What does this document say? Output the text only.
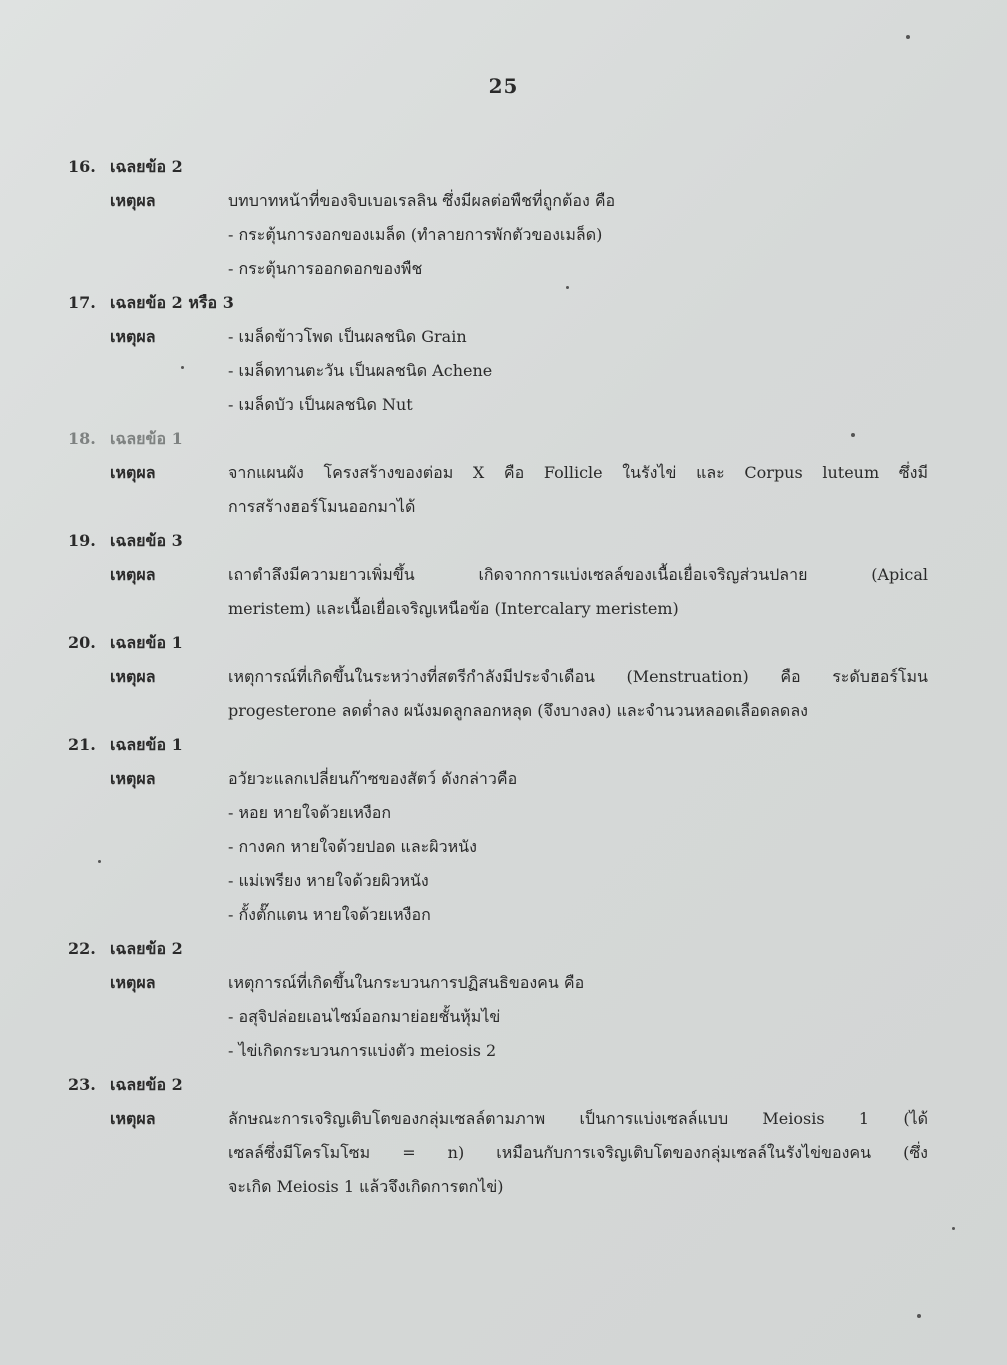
25
16. เฉลยข้อ 2
เหตุผล	บทบาทหน้าที่ของจิบเบอเรลลิน ซึ่งมีผลต่อพืชที่ถูกต้อง คือ
- กระตุ้นการงอกของเมล็ด (ทำลายการพักตัวของเมล็ด)
- กระตุ้นการออกดอกของพืช
17. เฉลยข้อ 2 หรือ 3
เหตุผล	- เมล็ดข้าวโพด เป็นผลชนิด Grain
- เมล็ดทานตะวัน เป็นผลชนิด Achene
- เมล็ดบัว เป็นผลชนิด Nut
18. เฉลยข้อ 1
เหตุผล	จากแผนผัง โครงสร้างของต่อม X คือ Follicle ในรังไข่ และ Corpus luteum ซึ่งมี
การสร้างฮอร์โมนออกมาได้
19. เฉลยข้อ 3
เหตุผล	เถาตำลึงมีความยาวเพิ่มขึ้น เกิดจากการแบ่งเซลล์ของเนื้อเยื่อเจริญส่วนปลาย (Apical
meristem) และเนื้อเยื่อเจริญเหนือข้อ (Intercalary meristem)
20. เฉลยข้อ 1
เหตุผล	เหตุการณ์ที่เกิดขึ้นในระหว่างที่สตรีกำลังมีประจำเดือน (Menstruation) คือ ระดับฮอร์โมน
progesterone ลดต่ำลง ผนังมดลูกลอกหลุด (จึงบางลง) และจำนวนหลอดเลือดลดลง
21. เฉลยข้อ 1
เหตุผล	อวัยวะแลกเปลี่ยนก๊าซของสัตว์ ดังกล่าวคือ
- หอย หายใจด้วยเหงือก
- กางคก หายใจด้วยปอด และผิวหนัง
- แม่เพรียง หายใจด้วยผิวหนัง
- กั้งตั๊กแตน หายใจด้วยเหงือก
22. เฉลยข้อ 2
เหตุผล	เหตุการณ์ที่เกิดขึ้นในกระบวนการปฏิสนธิของคน คือ
- อสุจิปล่อยเอนไซม์ออกมาย่อยชั้นหุ้มไข่
- ไข่เกิดกระบวนการแบ่งตัว meiosis 2
23. เฉลยข้อ 2
เหตุผล	ลักษณะการเจริญเติบโตของกลุ่มเซลล์ตามภาพ เป็นการแบ่งเซลล์แบบ Meiosis 1 (ได้
เซลล์ซึ่งมีโครโมโซม = n) เหมือนกับการเจริญเติบโตของกลุ่มเซลล์ในรังไข่ของคน (ซึ่ง
จะเกิด Meiosis 1 แล้วจึงเกิดการตกไข่)
